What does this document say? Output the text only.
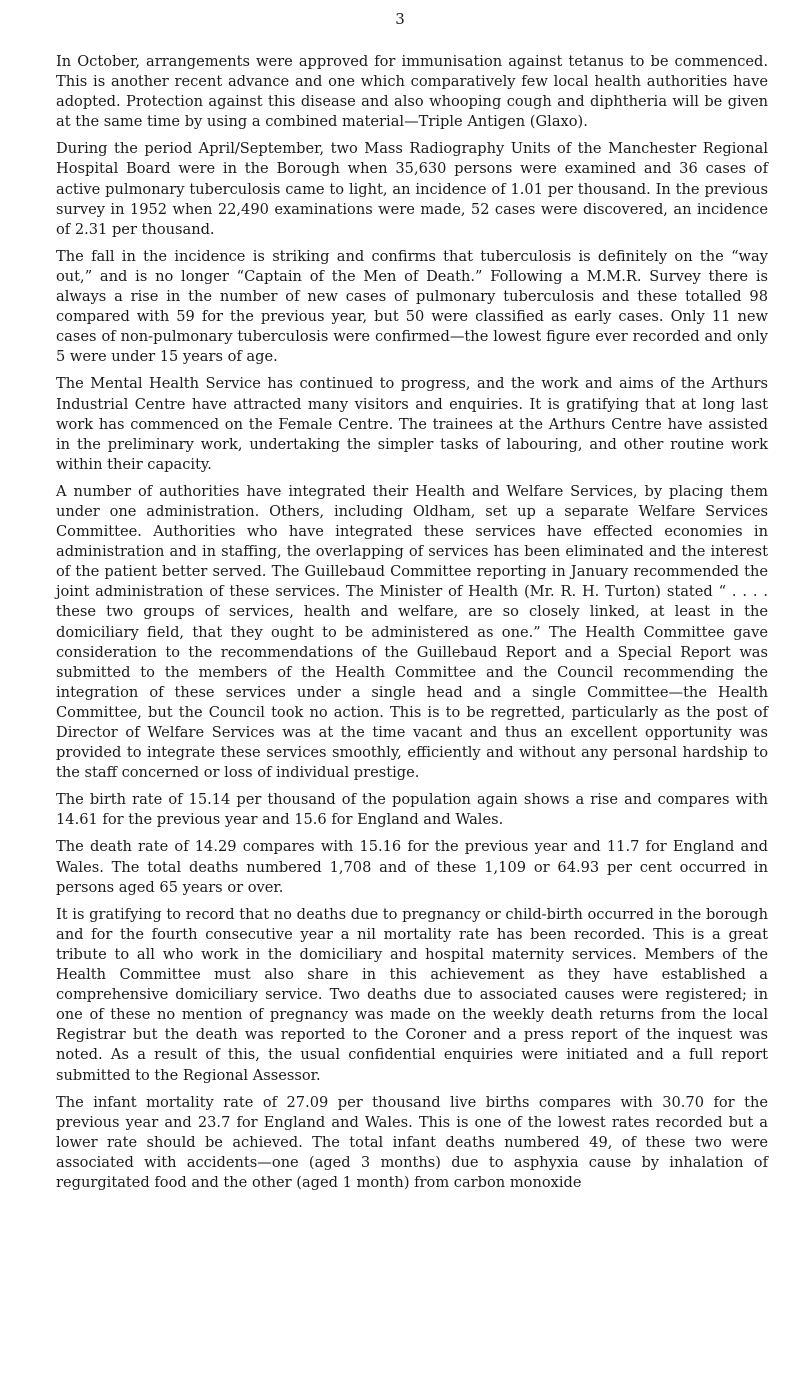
3

In October, arrangements were approved for immunisation against tetanus to be commenced. This is another recent advance and one which comparatively few local health authorities have adopted. Protection against this disease and also whooping cough and diphtheria will be given at the same time by using a combined material—Triple Antigen (Glaxo).

During the period April/September, two Mass Radiography Units of the Manchester Regional Hospital Board were in the Borough when 35,630 persons were examined and 36 cases of active pulmonary tuberculosis came to light, an incidence of 1.01 per thousand. In the previous survey in 1952 when 22,490 examinations were made, 52 cases were discovered, an incidence of 2.31 per thousand.

The fall in the incidence is striking and confirms that tuberculosis is definitely on the “way out,” and is no longer “Captain of the Men of Death.” Following a M.M.R. Survey there is always a rise in the number of new cases of pulmonary tuberculosis and these totalled 98 compared with 59 for the previous year, but 50 were classified as early cases. Only 11 new cases of non-pulmonary tuberculosis were confirmed—the lowest figure ever recorded and only 5 were under 15 years of age.

The Mental Health Service has continued to progress, and the work and aims of the Arthurs Industrial Centre have attracted many visitors and enquiries. It is gratifying that at long last work has commenced on the Female Centre. The trainees at the Arthurs Centre have assisted in the preliminary work, undertaking the simpler tasks of labouring, and other routine work within their capacity.

A number of authorities have integrated their Health and Welfare Services, by placing them under one administration. Others, including Oldham, set up a separate Welfare Services Committee. Authorities who have integrated these services have effected economies in administration and in staffing, the overlapping of services has been eliminated and the interest of the patient better served. The Guillebaud Committee reporting in January recommended the joint administration of these services. The Minister of Health (Mr. R. H. Turton) stated “ . . . . these two groups of services, health and welfare, are so closely linked, at least in the domiciliary field, that they ought to be administered as one.” The Health Committee gave consideration to the recommendations of the Guillebaud Report and a Special Report was submitted to the members of the Health Committee and the Council recommending the integration of these services under a single head and a single Committee—the Health Committee, but the Council took no action. This is to be regretted, particularly as the post of Director of Welfare Services was at the time vacant and thus an excellent opportunity was provided to integrate these services smoothly, efficiently and without any personal hardship to the staff concerned or loss of individual prestige.

The birth rate of 15.14 per thousand of the population again shows a rise and compares with 14.61 for the previous year and 15.6 for England and Wales.

The death rate of 14.29 compares with 15.16 for the previous year and 11.7 for England and Wales. The total deaths numbered 1,708 and of these 1,109 or 64.93 per cent occurred in persons aged 65 years or over.

It is gratifying to record that no deaths due to pregnancy or child-birth occurred in the borough and for the fourth consecutive year a nil mortality rate has been recorded. This is a great tribute to all who work in the domiciliary and hospital maternity services. Members of the Health Committee must also share in this achievement as they have established a comprehensive domiciliary service. Two deaths due to associated causes were registered; in one of these no mention of pregnancy was made on the weekly death returns from the local Registrar but the death was reported to the Coroner and a press report of the inquest was noted. As a result of this, the usual confidential enquiries were initiated and a full report submitted to the Regional Assessor.

The infant mortality rate of 27.09 per thousand live births compares with 30.70 for the previous year and 23.7 for England and Wales. This is one of the lowest rates recorded but a lower rate should be achieved. The total infant deaths numbered 49, of these two were associated with accidents—one (aged 3 months) due to asphyxia cause by inhalation of regurgitated food and the other (aged 1 month) from carbon monoxide
